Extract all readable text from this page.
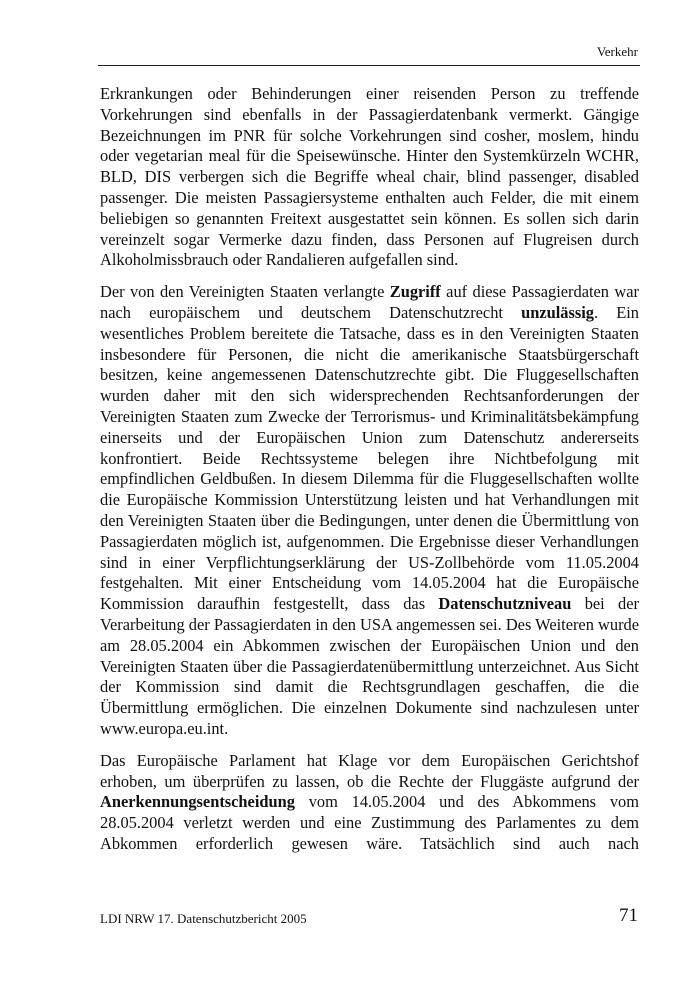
Verkehr

Erkrankungen oder Behinderungen einer reisenden Person zu treffende Vorkehrungen sind ebenfalls in der Passagierdatenbank vermerkt. Gängige Bezeichnungen im PNR für solche Vorkehrungen sind cosher, moslem, hindu oder vegetarian meal für die Speisewünsche. Hinter den Systemkürzeln WCHR, BLD, DIS verbergen sich die Begriffe wheal chair, blind passenger, disabled passenger. Die meisten Passagiersysteme enthalten auch Felder, die mit einem beliebigen so genannten Freitext ausgestattet sein können. Es sollen sich darin vereinzelt sogar Vermerke dazu finden, dass Personen auf Flugreisen durch Alkoholmissbrauch oder Randalieren aufgefallen sind.

Der von den Vereinigten Staaten verlangte Zugriff auf diese Passagierdaten war nach europäischem und deutschem Datenschutzrecht unzulässig. Ein wesentliches Problem bereitete die Tatsache, dass es in den Vereinigten Staaten insbesondere für Personen, die nicht die amerikanische Staatsbürgerschaft besitzen, keine angemessenen Datenschutzrechte gibt. Die Fluggesellschaften wurden daher mit den sich widersprechenden Rechtsanforderungen der Vereinigten Staaten zum Zwecke der Terrorismus- und Kriminalitätsbekämpfung einerseits und der Europäischen Union zum Datenschutz andererseits konfrontiert. Beide Rechtssysteme belegen ihre Nichtbefolgung mit empfindlichen Geldbußen. In diesem Dilemma für die Fluggesellschaften wollte die Europäische Kommission Unterstützung leisten und hat Verhandlungen mit den Vereinigten Staaten über die Bedingungen, unter denen die Übermittlung von Passagierdaten möglich ist, aufgenommen. Die Ergebnisse dieser Verhandlungen sind in einer Verpflichtungserklärung der US-Zollbehörde vom 11.05.2004 festgehalten. Mit einer Entscheidung vom 14.05.2004 hat die Europäische Kommission daraufhin festgestellt, dass das Datenschutzniveau bei der Verarbeitung der Passagierdaten in den USA angemessen sei. Des Weiteren wurde am 28.05.2004 ein Abkommen zwischen der Europäischen Union und den Vereinigten Staaten über die Passagierdatenübermittlung unterzeichnet. Aus Sicht der Kommission sind damit die Rechtsgrundlagen geschaffen, die die Übermittlung ermöglichen. Die einzelnen Dokumente sind nachzulesen unter www.europa.eu.int.

Das Europäische Parlament hat Klage vor dem Europäischen Gerichtshof erhoben, um überprüfen zu lassen, ob die Rechte der Fluggäste aufgrund der Anerkennungsentscheidung vom 14.05.2004 und des Abkommens vom 28.05.2004 verletzt werden und eine Zustimmung des Parlamentes zu dem Abkommen erforderlich gewesen wäre. Tatsächlich sind auch nach

LDI NRW 17. Datenschutzbericht 2005	71
